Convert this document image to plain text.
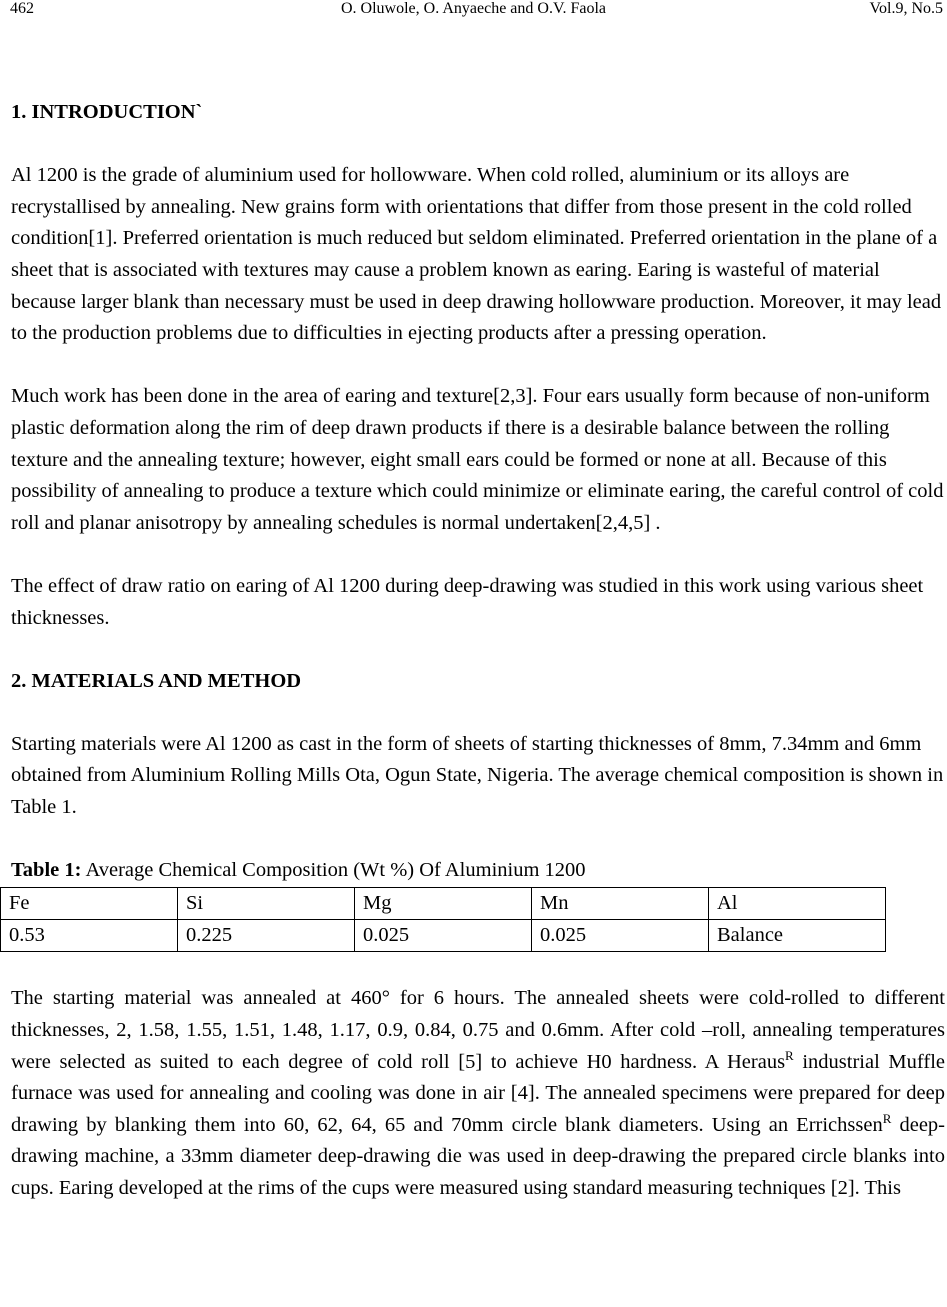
462	O. Oluwole, O. Anyaeche and O.V. Faola	Vol.9, No.5

1. INTRODUCTION`

Al 1200 is the grade of aluminium used for hollowware. When cold rolled, aluminium or its alloys are recrystallised by annealing. New grains form with orientations that differ from those present in the cold rolled condition[1]. Preferred orientation is much reduced but seldom eliminated. Preferred orientation in the plane of a sheet that is associated with textures may cause a problem known as earing. Earing is wasteful of material because larger blank than necessary must be used in deep drawing hollowware production. Moreover, it may lead to the production problems due to difficulties in ejecting products after a pressing operation.

Much work has been done in the area of earing and texture[2,3]. Four ears usually form because of non-uniform plastic deformation along the rim of deep drawn products if there is a desirable balance between the rolling texture and the annealing texture; however, eight small ears could be formed or none at all. Because of this possibility of annealing to produce a texture which could minimize or eliminate earing, the careful control of cold roll and planar anisotropy by annealing schedules is normal undertaken[2,4,5] .

The effect of draw ratio on earing of Al 1200 during deep-drawing was studied in this work using various sheet thicknesses.

2. MATERIALS AND METHOD

Starting materials were Al 1200 as cast in the form of sheets of starting thicknesses of 8mm, 7.34mm and 6mm obtained from Aluminium Rolling Mills Ota, Ogun State, Nigeria. The average chemical composition is shown in Table 1.

Table 1: Average Chemical Composition (Wt %) Of Aluminium 1200

Fe	Si	Mg	Mn	Al
0.53	0.225	0.025	0.025	Balance

The starting material was annealed at 460° for 6 hours. The annealed sheets were cold-rolled to different thicknesses, 2, 1.58, 1.55, 1.51, 1.48, 1.17, 0.9, 0.84, 0.75 and 0.6mm. After cold –roll, annealing temperatures were selected as suited to each degree of cold roll [5] to achieve H0 hardness. A Heraus$^R$ industrial Muffle furnace was used for annealing and cooling was done in air [4]. The annealed specimens were prepared for deep drawing by blanking them into 60, 62, 64, 65 and 70mm circle blank diameters. Using an Errichssen$^R$ deep-drawing machine, a 33mm diameter deep-drawing die was used in deep-drawing the prepared circle blanks into cups. Earing developed at the rims of the cups were measured using standard measuring techniques [2]. This
